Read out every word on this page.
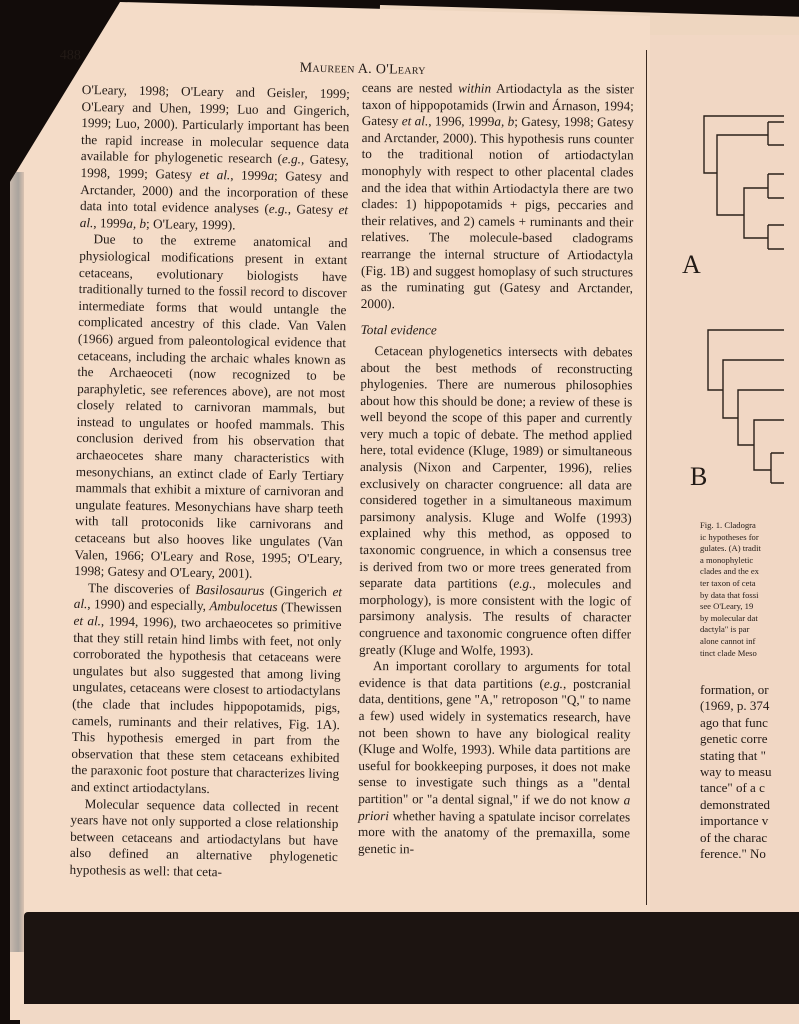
488
Maureen A. O'Leary

O'Leary, 1998; O'Leary and Geisler, 1999; O'Leary and Uhen, 1999; Luo and Gingerich, 1999; Luo, 2000). Particularly important has been the rapid increase in molecular sequence data available for phylogenetic research (e.g., Gatesy, 1998, 1999; Gatesy et al., 1999a; Gatesy and Arctander, 2000) and the incorporation of these data into total evidence analyses (e.g., Gatesy et al., 1999a, b; O'Leary, 1999).

Due to the extreme anatomical and physiological modifications present in extant cetaceans, evolutionary biologists have traditionally turned to the fossil record to discover intermediate forms that would untangle the complicated ancestry of this clade. Van Valen (1966) argued from paleontological evidence that cetaceans, including the archaic whales known as the Archaeoceti (now recognized to be paraphyletic, see references above), are not most closely related to carnivoran mammals, but instead to ungulates or hoofed mammals. This conclusion derived from his observation that archaeocetes share many characteristics with mesonychians, an extinct clade of Early Tertiary mammals that exhibit a mixture of carnivoran and ungulate features. Mesonychians have sharp teeth with tall protoconids like carnivorans and cetaceans but also hooves like ungulates (Van Valen, 1966; O'Leary and Rose, 1995; O'Leary, 1998; Gatesy and O'Leary, 2001).

The discoveries of Basilosaurus (Gingerich et al., 1990) and especially, Ambulocetus (Thewissen et al., 1994, 1996), two archaeocetes so primitive that they still retain hind limbs with feet, not only corroborated the hypothesis that cetaceans were ungulates but also suggested that among living ungulates, cetaceans were closest to artiodactylans (the clade that includes hippopotamids, pigs, camels, ruminants and their relatives, Fig. 1A). This hypothesis emerged in part from the observation that these stem cetaceans exhibited the paraxonic foot posture that characterizes living and extinct artiodactylans.

Molecular sequence data collected in recent years have not only supported a close relationship between cetaceans and artiodactylans but have also defined an alternative phylogenetic hypothesis as well: that ceta-

ceans are nested within Artiodactyla as the sister taxon of hippopotamids (Irwin and Árnason, 1994; Gatesy et al., 1996, 1999a, b; Gatesy, 1998; Gatesy and Arctander, 2000). This hypothesis runs counter to the traditional notion of artiodactylan monophyly with respect to other placental clades and the idea that within Artiodactyla there are two clades: 1) hippopotamids + pigs, peccaries and their relatives, and 2) camels + ruminants and their relatives. The molecule-based cladograms rearrange the internal structure of Artiodactyla (Fig. 1B) and suggest homoplasy of such structures as the ruminating gut (Gatesy and Arctander, 2000).

Total evidence

Cetacean phylogenetics intersects with debates about the best methods of reconstructing phylogenies. There are numerous philosophies about how this should be done; a review of these is well beyond the scope of this paper and currently very much a topic of debate. The method applied here, total evidence (Kluge, 1989) or simultaneous analysis (Nixon and Carpenter, 1996), relies exclusively on character congruence: all data are considered together in a simultaneous maximum parsimony analysis. Kluge and Wolfe (1993) explained why this method, as opposed to taxonomic congruence, in which a consensus tree is derived from two or more trees generated from separate data partitions (e.g., molecules and morphology), is more consistent with the logic of parsimony analysis. The results of character congruence and taxonomic congruence often differ greatly (Kluge and Wolfe, 1993).

An important corollary to arguments for total evidence is that data partitions (e.g., postcranial data, dentitions, gene "A," retroposon "Q," to name a few) used widely in systematics research, have not been shown to have any biological reality (Kluge and Wolfe, 1993). While data partitions are useful for bookkeeping purposes, it does not make sense to investigate such things as a "dental partition" or "a dental signal," if we do not know a priori whether having a spatulate incisor correlates more with the anatomy of the premaxilla, some genetic in-

A
B
Fig. 1. Cladogra
ic hypotheses for
gulates. (A) tradit
a monophyletic
clades and the ex
ter taxon of ceta
by data that fossi
see O'Leary, 19
by molecular dat
dactyla" is par
alone cannot inf
tinct clade Meso
formation, or
(1969, p. 374
ago that func
genetic corre
stating that "
way to measu
tance" of a c
demonstrated
importance v
of the charac
ference." No
